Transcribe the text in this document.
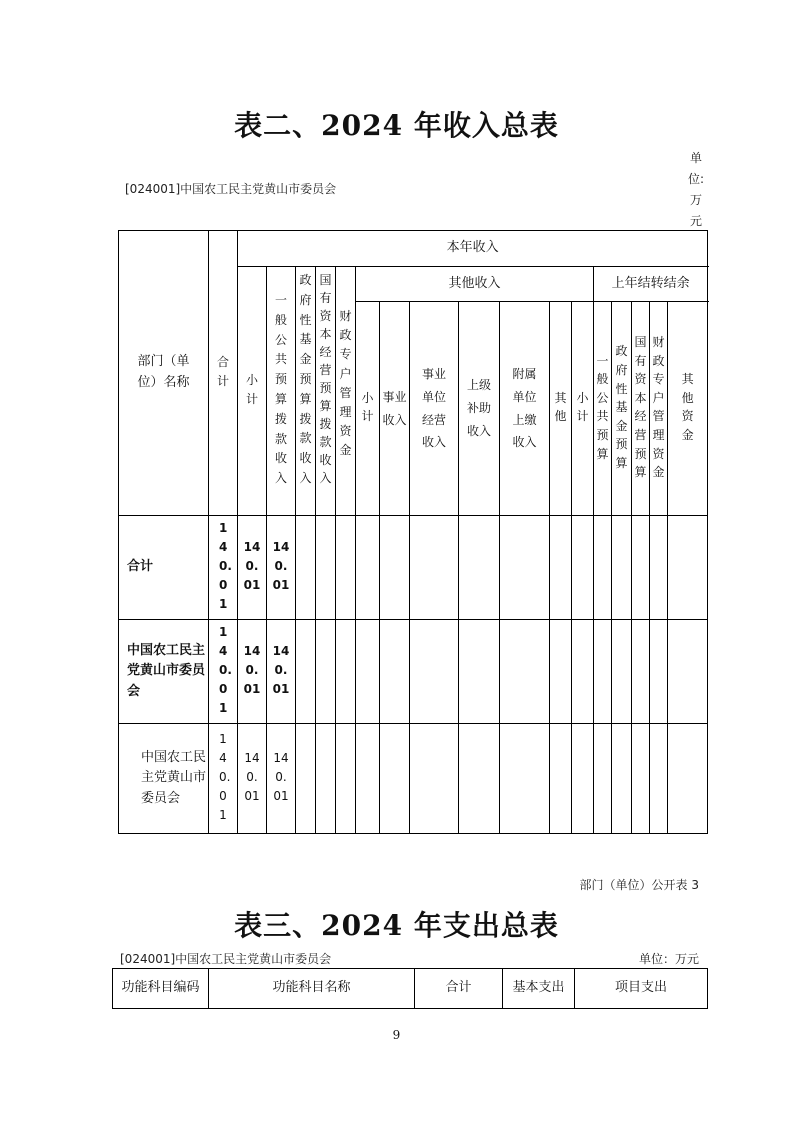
表二、2024 年收入总表
单
位:
万
元
[024001]中国农工民主党黄山市委员会
部门（单位）名称	合计	本年收入																
		小计	一般公共预算拨款收入	政府性基金预算拨款收入	国有资本经营预算拨款收入	财政专户管理资金	其他收入							上年结转结余				
							小计	事业收入	事业单位经营收入	上级补助收入	附属单位上缴收入	其他	小计	一般公共预算	政府性基金预算	国有资本经营预算	财政专户管理资金	其他资金
合计	140.01	140.01	140.01															
中国农工民主党黄山市委员会	140.01	140.01	140.01															
中国农工民主党黄山市委员会	140.01	140.01	140.01															
部门（单位）公开表 3
表三、2024 年支出总表
[024001]中国农工民主党黄山市委员会	单位：万元
功能科目编码	功能科目名称	合计	基本支出	项目支出
9
